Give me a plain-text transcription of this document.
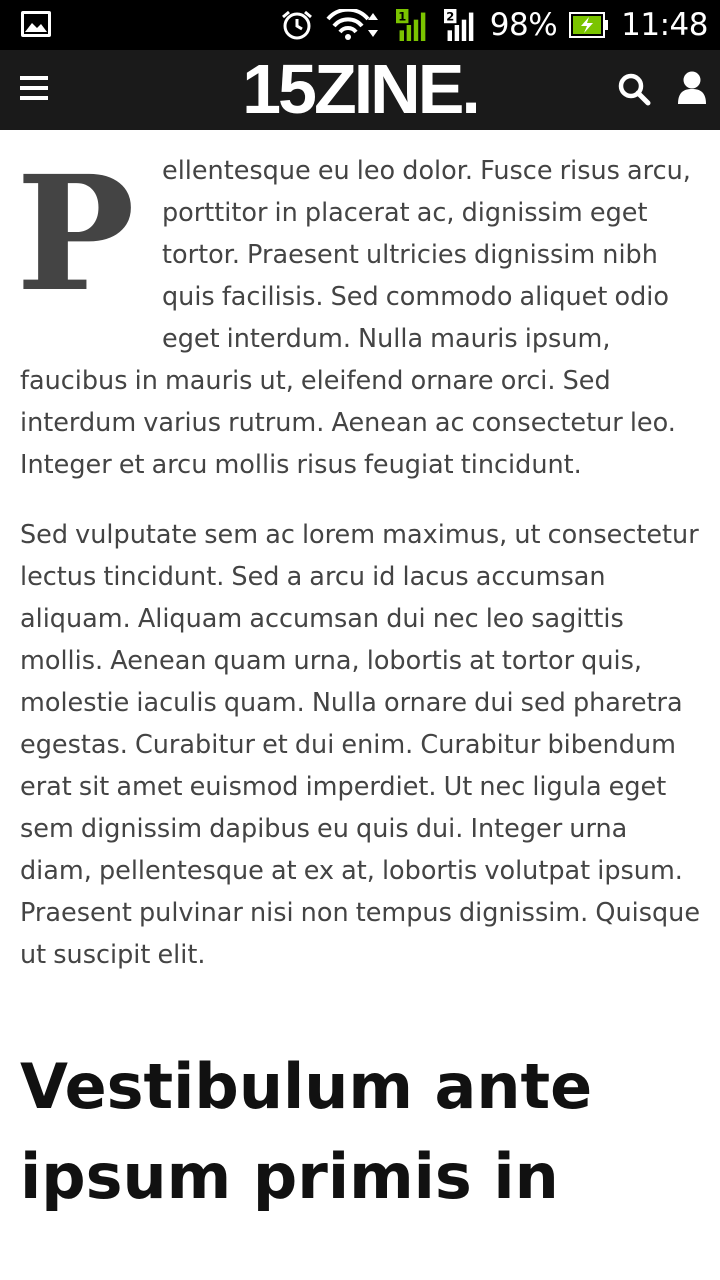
1	2 98% 11:48
15ZINE.

P	ellentesque eu leo dolor. Fusce risus arcu, porttitor in placerat ac, dignissim eget tortor. Praesent ultricies dignissim nibh quis facilisis. Sed commodo aliquet odio eget interdum. Nulla mauris ipsum, faucibus in mauris ut, eleifend ornare orci. Sed interdum varius rutrum. Aenean ac consectetur leo. Integer et arcu mollis risus feugiat tincidunt.

Sed vulputate sem ac lorem maximus, ut consectetur lectus tincidunt. Sed a arcu id lacus accumsan aliquam. Aliquam accumsan dui nec leo sagittis mollis. Aenean quam urna, lobortis at tortor quis, molestie iaculis quam. Nulla ornare dui sed pharetra egestas. Curabitur et dui enim. Curabitur bibendum erat sit amet euismod imperdiet. Ut nec ligula eget sem dignissim dapibus eu quis dui. Integer urna diam, pellentesque at ex at, lobortis volutpat ipsum. Praesent pulvinar nisi non tempus dignissim. Quisque ut suscipit elit.

Vestibulum ante ipsum primis in
